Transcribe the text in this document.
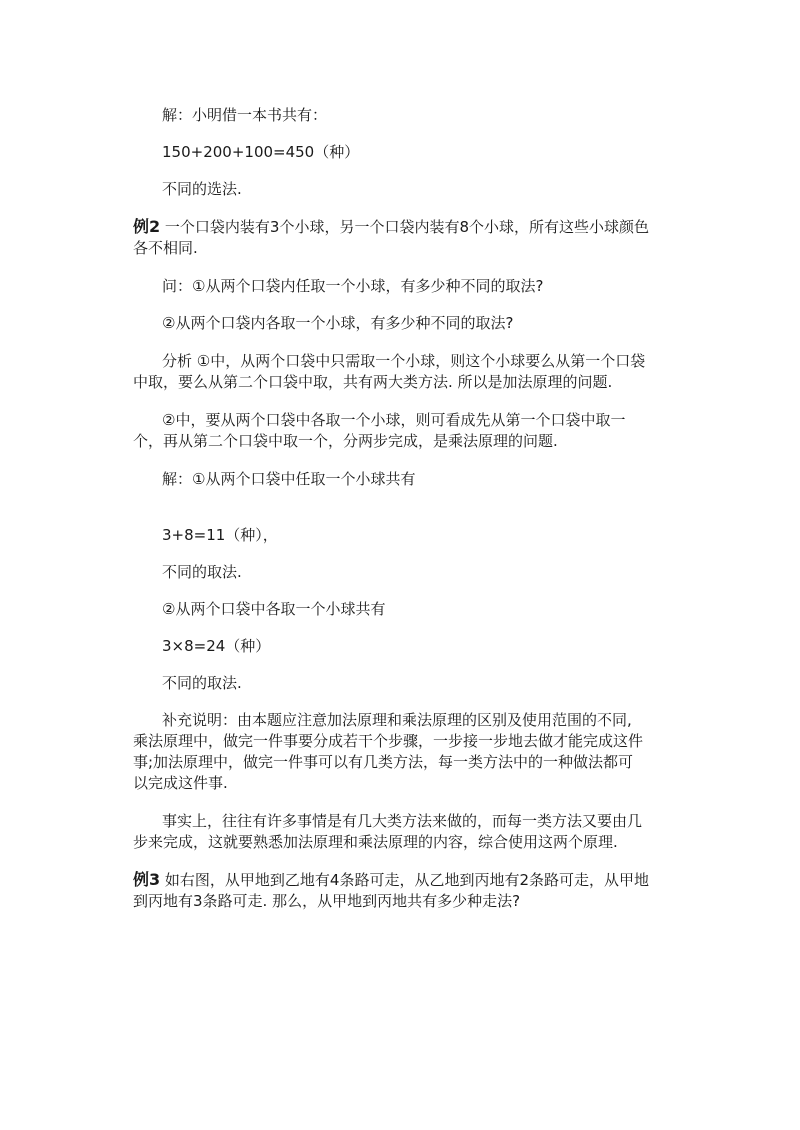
解：小明借一本书共有：
150+200+100=450（种）
不同的选法.
例2 一个口袋内装有3个小球，另一个口袋内装有8个小球，所有这些小球颜色
各不相同.
问：①从两个口袋内任取一个小球，有多少种不同的取法?
②从两个口袋内各取一个小球，有多少种不同的取法?
分析 ①中，从两个口袋中只需取一个小球，则这个小球要么从第一个口袋
中取，要么从第二个口袋中取，共有两大类方法. 所以是加法原理的问题.
②中，要从两个口袋中各取一个小球，则可看成先从第一个口袋中取一
个，再从第二个口袋中取一个，分两步完成，是乘法原理的问题.
解：①从两个口袋中任取一个小球共有
3+8=11（种），
不同的取法.
②从两个口袋中各取一个小球共有
3×8=24（种）
不同的取法.
补充说明：由本题应注意加法原理和乘法原理的区别及使用范围的不同,
乘法原理中，做完一件事要分成若干个步骤，一步接一步地去做才能完成这件
事;加法原理中，做完一件事可以有几类方法，每一类方法中的一种做法都可
以完成这件事.
事实上，往往有许多事情是有几大类方法来做的，而每一类方法又要由几
步来完成，这就要熟悉加法原理和乘法原理的内容，综合使用这两个原理.
例3 如右图，从甲地到乙地有4条路可走，从乙地到丙地有2条路可走，从甲地
到丙地有3条路可走. 那么，从甲地到丙地共有多少种走法?
